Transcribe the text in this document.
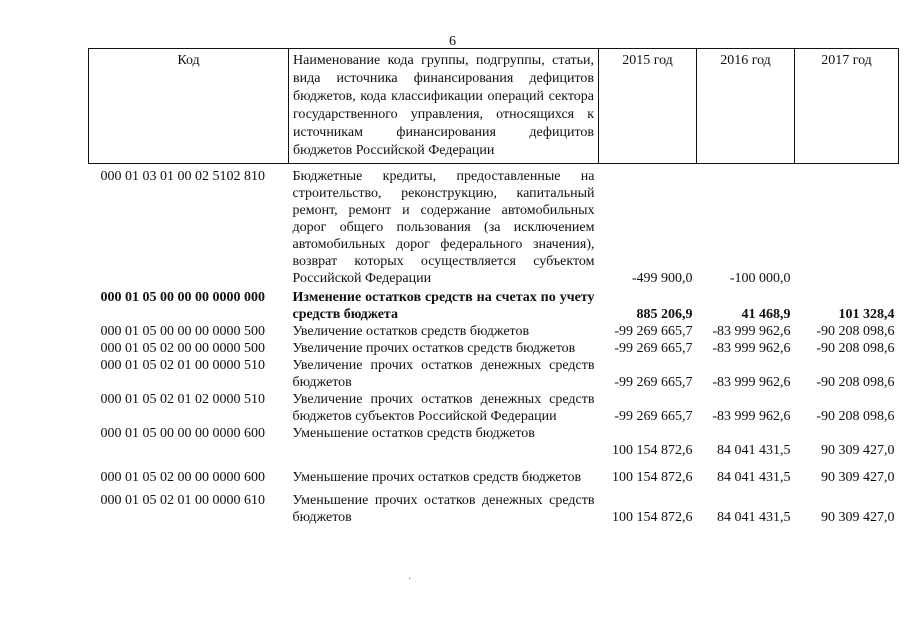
6
Код	Наименование кода группы, подгруппы, статьи, вида источника финансирования дефицитов бюджетов, кода классификации операций сектора государственного управления, относящихся к источникам финансирования дефицитов бюджетов Российской Федерации	2015 год	2016 год	2017 год
000 01 03 01 00 02 5102 810	Бюджетные кредиты, предоставленные на строительство, реконструкцию, капитальный ремонт, ремонт и содержание автомобильных дорог общего пользования (за исключением автомобильных дорог федерального значения), возврат которых осуществляется субъектом Российской Федерации	-499 900,0	-100 000,0	
000 01 05 00 00 00 0000 000	Изменение остатков средств на счетах по учету средств бюджета	885 206,9	41 468,9	101 328,4
000 01 05 00 00 00 0000 500	Увеличение остатков средств бюджетов	-99 269 665,7	-83 999 962,6	-90 208 098,6
000 01 05 02 00 00 0000 500	Увеличение прочих остатков средств бюджетов	-99 269 665,7	-83 999 962,6	-90 208 098,6
000 01 05 02 01 00 0000 510	Увеличение прочих остатков денежных средств бюджетов	-99 269 665,7	-83 999 962,6	-90 208 098,6
000 01 05 02 01 02 0000 510	Увеличение прочих остатков денежных средств бюджетов субъектов Российской Федерации	-99 269 665,7	-83 999 962,6	-90 208 098,6
000 01 05 00 00 00 0000 600	Уменьшение остатков средств бюджетов	100 154 872,6	84 041 431,5	90 309 427,0
000 01 05 02 00 00 0000 600	Уменьшение прочих остатков средств бюджетов	100 154 872,6	84 041 431,5	90 309 427,0
000 01 05 02 01 00 0000 610	Уменьшение прочих остатков денежных средств бюджетов	100 154 872,6	84 041 431,5	90 309 427,0
·
